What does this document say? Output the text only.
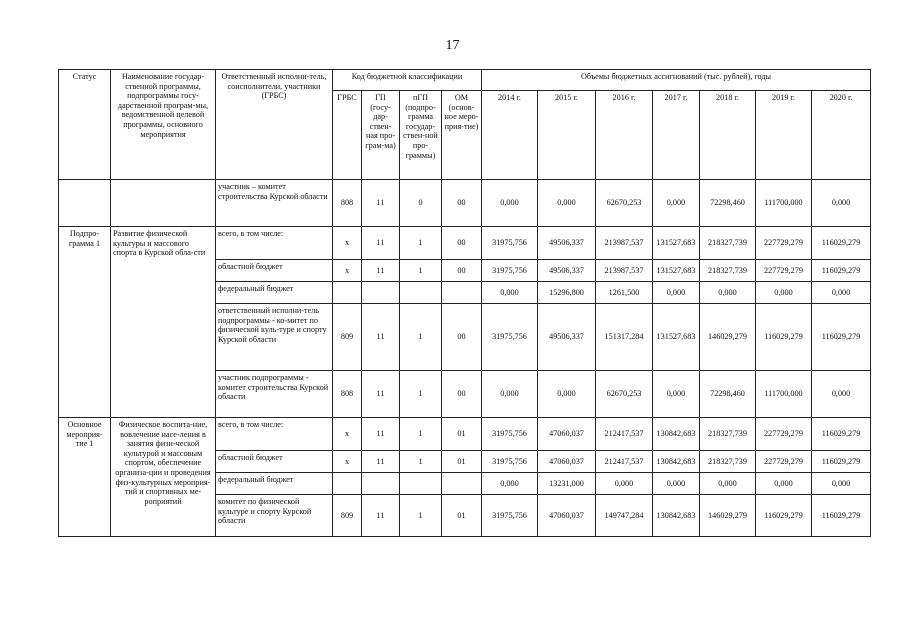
17
Статус	Наименование государ-ственной программы, подпрограммы госу-дарственной програм-мы, ведомственной целевой программы, основного мероприятия	Ответственный исполни-тель, соисполнители, участники (ГРБС)	Код бюджетной классификации				Объемы бюджетных ассигнований (тыс. рублей), годы						
			ГРБС	ГП (госу-дар-ствен-ная про-грам-ма)	пГП (подпро-грамма государ-ствен-ной про-граммы)	ОМ (основ-ное меро-прия-тие)	2014 г.	2015 г.	2016 г.	2017 г.	2018 г.	2019 г.	2020 г.
		участник – комитет строительства Курской области	808	11	0	00	0,000	0,000	62670,253	0,000	72298,460	111700,000	0,000
Подпро-грамма 1	Развитие физической культуры и массового спорта в Курской обла-сти	всего, в том числе:	х	11	1	00	31975,756	49506,337	213987,537	131527,683	218327,739	227729,279	116029,279
		областной бюджет	х	11	1	00	31975,756	49506,337	213987,537	131527,683	218327,739	227729,279	116029,279
		федеральный бюджет					0,000	15296,800	1261,500	0,000	0,000	0,000	0,000
		ответственный исполни-тель подпрограммы - ко-митет по физической куль-туре и спорту Курской области	809	11	1	00	31975,756	49506,337	151317,284	131527,683	146029,279	116029,279	116029,279
		участник подпрограммы - комитет строительства Курской области	808	11	1	00	0,000	0,000	62670,253	0,000	72298,460	111700,000	0,000
Основное мероприя-тие 1	Физическое воспита-ние, вовлечение насе-ления в занятия физи-ческой культурой и массовым спортом, обеспечение организа-ции и проведения физ-культурных мероприя-тий и спортивных ме-роприятий	всего, в том числе:	х	11	1	01	31975,756	47060,037	212417,537	130842,683	218327,739	227729,279	116029,279
		областной бюджет	х	11	1	01	31975,756	47060,037	212417,537	130842,683	218327,739	227729,279	116029,279
		федеральный бюджет					0,000	13231,000	0,000	0,000	0,000	0,000	0,000
		комитет по физической культуре и спорту Курской области	809	11	1	01	31975,756	47060,037	149747,284	130842,683	146029,279	116029,279	116029,279
